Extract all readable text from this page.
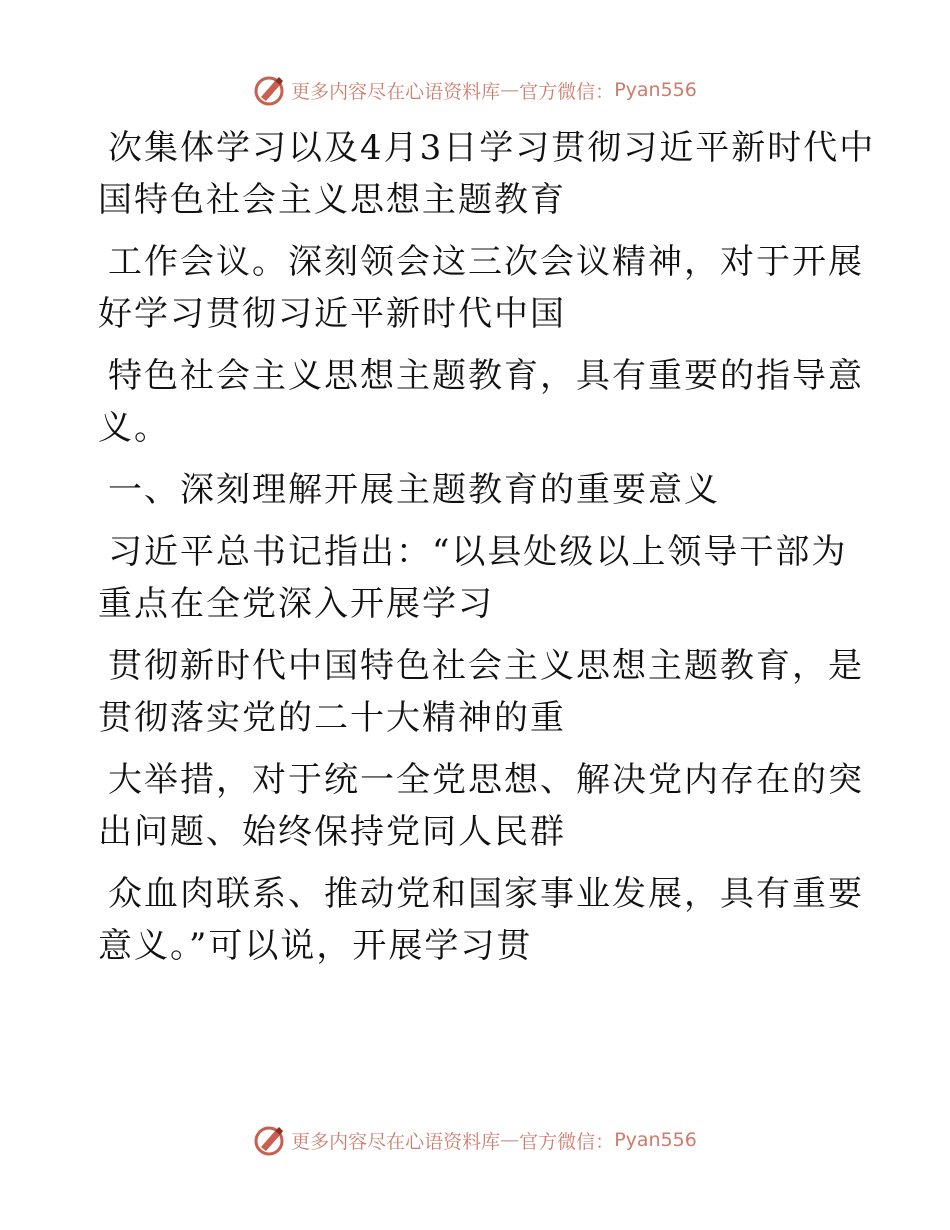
更多内容尽在心语资料库 — 官方微信： Pyan556
次集体学习以及4月3日学习贯彻习近平新时代中
国特色社会主义思想主题教育
工作会议。深刻领会这三次会议精神，对于开展
好学习贯彻习近平新时代中国
特色社会主义思想主题教育，具有重要的指导意
义。
一、深刻理解开展主题教育的重要意义
习近平总书记指出：“以县处级以上领导干部为
重点在全党深入开展学习
贯彻新时代中国特色社会主义思想主题教育，是
贯彻落实党的二十大精神的重
大举措，对于统一全党思想、解决党内存在的突
出问题、始终保持党同人民群
众血肉联系、推动党和国家事业发展，具有重要
意义。”可以说，开展学习贯
更多内容尽在心语资料库 — 官方微信： Pyan556
